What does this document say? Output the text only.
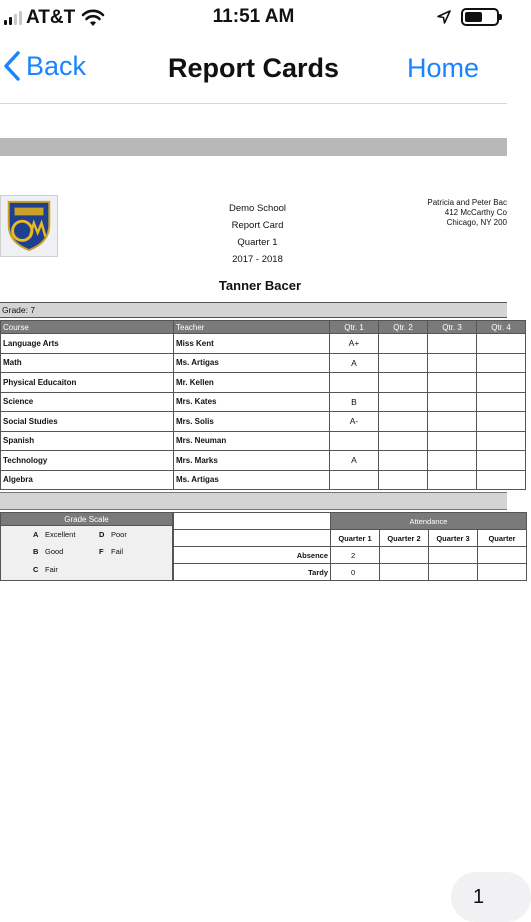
AT&T	11:51 AM
Back	Report Cards	Home
Demo School
Report Card
Quarter 1
2017 - 2018
Patricia and Peter Bac
412 McCarthy Co
Chicago, NY 200
Tanner Bacer
Grade: 7
Course	Teacher	Qtr. 1	Qtr. 2	Qtr. 3	Qtr. 4
Language Arts	Miss Kent	A+			
Math	Ms. Artigas	A			
Physical Educaiton	Mr. Kellen				
Science	Mrs. Kates	B			
Social Studies	Mrs. Solis	A-			
Spanish	Mrs. Neuman				
Technology	Mrs. Marks	A			
Algebra	Ms. Artigas				
Grade Scale
A Excellent	D Poor
B Good	F Fail
C Fair
	Attendance			
	Quarter 1	Quarter 2	Quarter 3	Quarter
Absence	2			
Tardy	0			
1
